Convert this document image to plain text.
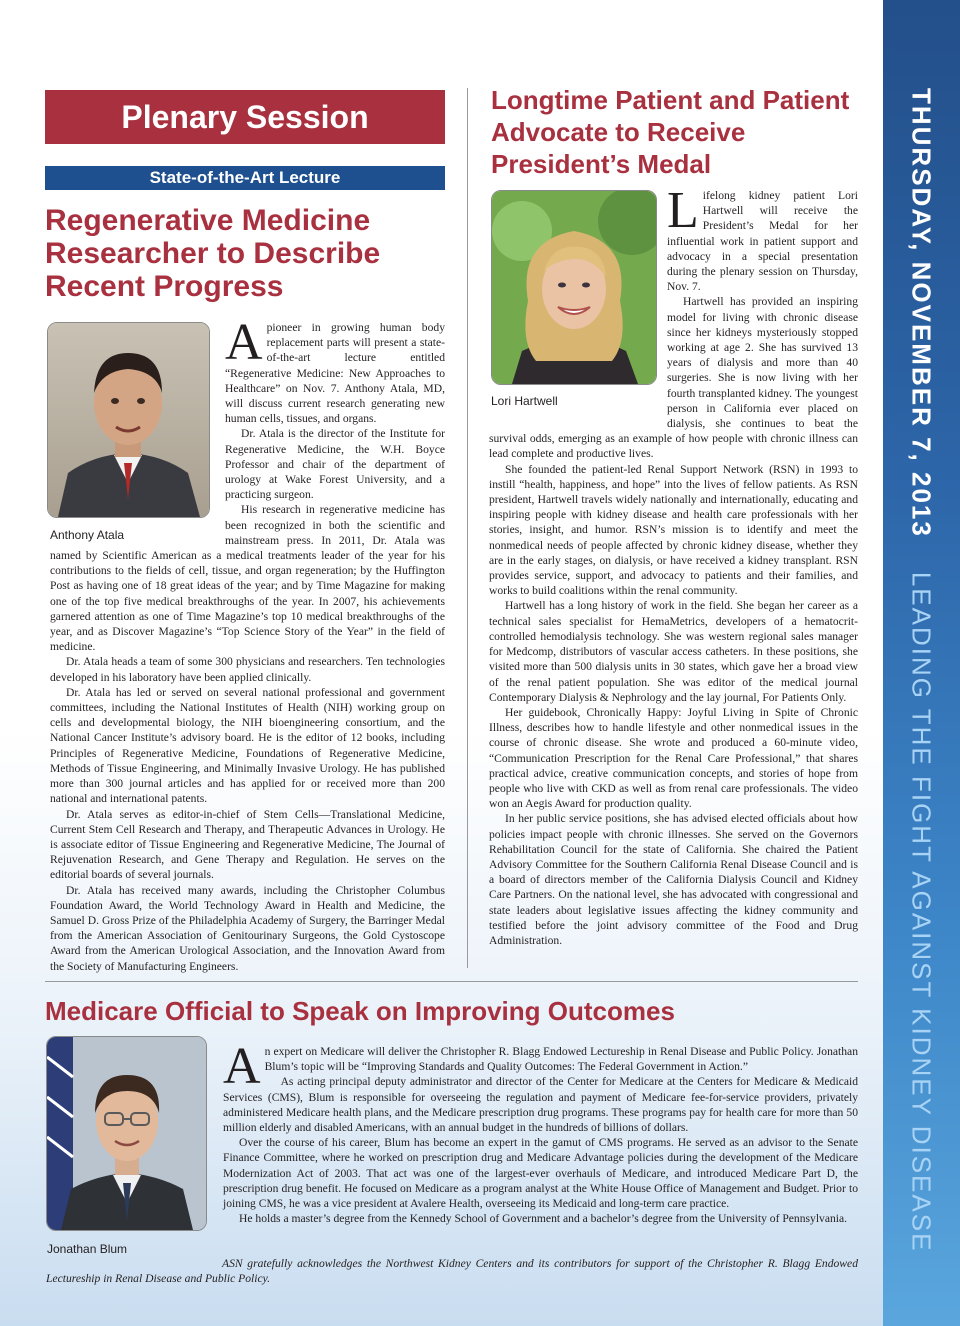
THURSDAY, NOVEMBER 7, 2013LEADING THE FIGHT AGAINST KIDNEY DISEASE
Plenary Session
State-of-the-Art Lecture
Regenerative Medicine Researcher to Describe Recent Progress
Anthony Atala

A pioneer in growing human body replacement parts will present a state-of-the-art lecture entitled “Regenerative Medicine: New Approaches to Healthcare” on Nov. 7. Anthony Atala, MD, will discuss current research generating new human cells, tissues, and organs.

Dr. Atala is the director of the Institute for Regenerative Medicine, the W.H. Boyce Professor and chair of the department of urology at Wake Forest University, and a practicing surgeon.

His research in regenerative medicine has been recognized in both the scientific and mainstream press. In 2011, Dr. Atala was named by Scientific American as a medical treatments leader of the year for his contributions to the fields of cell, tissue, and organ regeneration; by the Huffington Post as having one of 18 great ideas of the year; and by Time Magazine for making one of the top five medical breakthroughs of the year. In 2007, his achievements garnered attention as one of Time Magazine’s top 10 medical breakthroughs of the year, and as Discover Magazine’s “Top Science Story of the Year” in the field of medicine.

Dr. Atala heads a team of some 300 physicians and researchers. Ten technologies developed in his laboratory have been applied clinically.

Dr. Atala has led or served on several national professional and government committees, including the National Institutes of Health (NIH) working group on cells and developmental biology, the NIH bioengineering consortium, and the National Cancer Institute’s advisory board. He is the editor of 12 books, including Principles of Regenerative Medicine, Foundations of Regenerative Medicine, Methods of Tissue Engineering, and Minimally Invasive Urology. He has published more than 300 journal articles and has applied for or received more than 200 national and international patents.

Dr. Atala serves as editor-in-chief of Stem Cells—Translational Medicine, Current Stem Cell Research and Therapy, and Therapeutic Advances in Urology. He is associate editor of Tissue Engineering and Regenerative Medicine, The Journal of Rejuvenation Research, and Gene Therapy and Regulation. He serves on the editorial boards of several journals.

Dr. Atala has received many awards, including the Christopher Columbus Foundation Award, the World Technology Award in Health and Medicine, the Samuel D. Gross Prize of the Philadelphia Academy of Surgery, the Barringer Medal from the American Association of Genitourinary Surgeons, the Gold Cystoscope Award from the American Urological Association, and the Innovation Award from the Society of Manufacturing Engineers.

Longtime Patient and Patient Advocate to Receive President’s Medal
Lori Hartwell

Lifelong kidney patient Lori Hartwell will receive the President’s Medal for her influential work in patient support and advocacy in a special presentation during the plenary session on Thursday, Nov. 7.

Hartwell has provided an inspiring model for living with chronic disease since her kidneys mysteriously stopped working at age 2. She has survived 13 years of dialysis and more than 40 surgeries. She is now living with her fourth transplanted kidney. The youngest person in California ever placed on dialysis, she continues to beat the survival odds, emerging as an example of how people with chronic illness can lead complete and productive lives.

She founded the patient-led Renal Support Network (RSN) in 1993 to instill “health, happiness, and hope” into the lives of fellow patients. As RSN president, Hartwell travels widely nationally and internationally, educating and inspiring people with kidney disease and health care professionals with her stories, insight, and humor. RSN’s mission is to identify and meet the nonmedical needs of people affected by chronic kidney disease, whether they are in the early stages, on dialysis, or have received a kidney transplant. RSN provides service, support, and advocacy to patients and their families, and works to build coalitions within the renal community.

Hartwell has a long history of work in the field. She began her career as a technical sales specialist for HemaMetrics, developers of a hematocrit-controlled hemodialysis technology. She was western regional sales manager for Medcomp, distributors of vascular access catheters. In these positions, she visited more than 500 dialysis units in 30 states, which gave her a broad view of the renal patient population. She was editor of the medical journal Contemporary Dialysis & Nephrology and the lay journal, For Patients Only.

Her guidebook, Chronically Happy: Joyful Living in Spite of Chronic Illness, describes how to handle lifestyle and other nonmedical issues in the course of chronic disease. She wrote and produced a 60-minute video, “Communication Prescription for the Renal Care Professional,” that shares practical advice, creative communication concepts, and stories of hope from people who live with CKD as well as from renal care professionals. The video won an Aegis Award for production quality.

In her public service positions, she has advised elected officials about how policies impact people with chronic illnesses. She served on the Governors Rehabilitation Council for the state of California. She chaired the Patient Advisory Committee for the Southern California Renal Disease Council and is a board of directors member of the California Dialysis Council and Kidney Care Partners. On the national level, she has advocated with congressional and state leaders about legislative issues affecting the kidney community and testified before the joint advisory committee of the Food and Drug Administration.

Medicare Official to Speak on Improving Outcomes
Jonathan Blum

An expert on Medicare will deliver the Christopher R. Blagg Endowed Lectureship in Renal Disease and Public Policy. Jonathan Blum’s topic will be “Improving Standards and Quality Outcomes: The Federal Government in Action.”

As acting principal deputy administrator and director of the Center for Medicare at the Centers for Medicare & Medicaid Services (CMS), Blum is responsible for overseeing the regulation and payment of Medicare fee-for-service providers, privately administered Medicare health plans, and the Medicare prescription drug programs. These programs pay for health care for more than 50 million elderly and disabled Americans, with an annual budget in the hundreds of billions of dollars.

Over the course of his career, Blum has become an expert in the gamut of CMS programs. He served as an advisor to the Senate Finance Committee, where he worked on prescription drug and Medicare Advantage policies during the development of the Medicare Modernization Act of 2003. That act was one of the largest-ever overhauls of Medicare, and introduced Medicare Part D, the prescription drug benefit. He focused on Medicare as a program analyst at the White House Office of Management and Budget. Prior to joining CMS, he was a vice president at Avalere Health, overseeing its Medicaid and long-term care practice.

He holds a master’s degree from the Kennedy School of Government and a bachelor’s degree from the University of Pennsylvania.

ASN gratefully acknowledges the Northwest Kidney Centers and its contributors for support of the Christopher R. Blagg Endowed Lectureship in Renal Disease and Public Policy.
